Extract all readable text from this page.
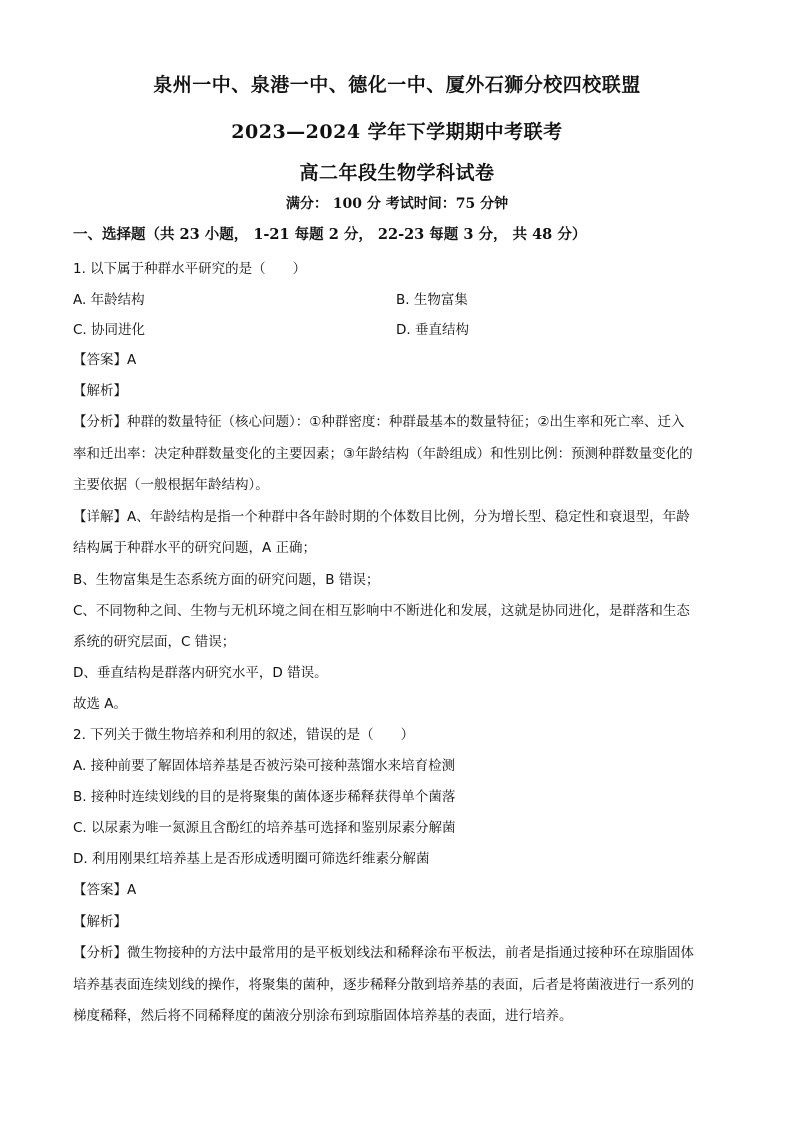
泉州一中、泉港一中、德化一中、厦外石狮分校四校联盟
2023—2024 学年下学期期中考联考
高二年段生物学科试卷
满分： 100 分 考试时间：75 分钟
一、选择题（共 23 小题， 1-21 每题 2 分， 22-23 每题 3 分， 共 48 分）
1. 以下属于种群水平研究的是（　　）
A. 年龄结构	B. 生物富集
C. 协同进化	D. 垂直结构
【答案】A
【解析】
【分析】种群的数量特征（核心问题）：①种群密度：种群最基本的数量特征；②出生率和死亡率、迁入
率和迁出率：决定种群数量变化的主要因素；③年龄结构（年龄组成）和性别比例：预测种群数量变化的
主要依据（一般根据年龄结构）。
【详解】A、年龄结构是指一个种群中各年龄时期的个体数目比例，分为增长型、稳定性和衰退型，年龄
结构属于种群水平的研究问题，A 正确；
B、生物富集是生态系统方面的研究问题，B 错误；
C、不同物种之间、生物与无机环境之间在相互影响中不断进化和发展，这就是协同进化，是群落和生态
系统的研究层面，C 错误；
D、垂直结构是群落内研究水平，D 错误。
故选 A。
2. 下列关于微生物培养和利用的叙述，错误的是（　　）
A. 接种前要了解固体培养基是否被污染可接种蒸馏水来培育检测
B. 接种时连续划线的目的是将聚集的菌体逐步稀释获得单个菌落
C. 以尿素为唯一氮源且含酚红的培养基可选择和鉴别尿素分解菌
D. 利用刚果红培养基上是否形成透明圈可筛选纤维素分解菌
【答案】A
【解析】
【分析】微生物接种的方法中最常用的是平板划线法和稀释涂布平板法，前者是指通过接种环在琼脂固体
培养基表面连续划线的操作，将聚集的菌种，逐步稀释分散到培养基的表面，后者是将菌液进行一系列的
梯度稀释，然后将不同稀释度的菌液分别涂布到琼脂固体培养基的表面，进行培养。
